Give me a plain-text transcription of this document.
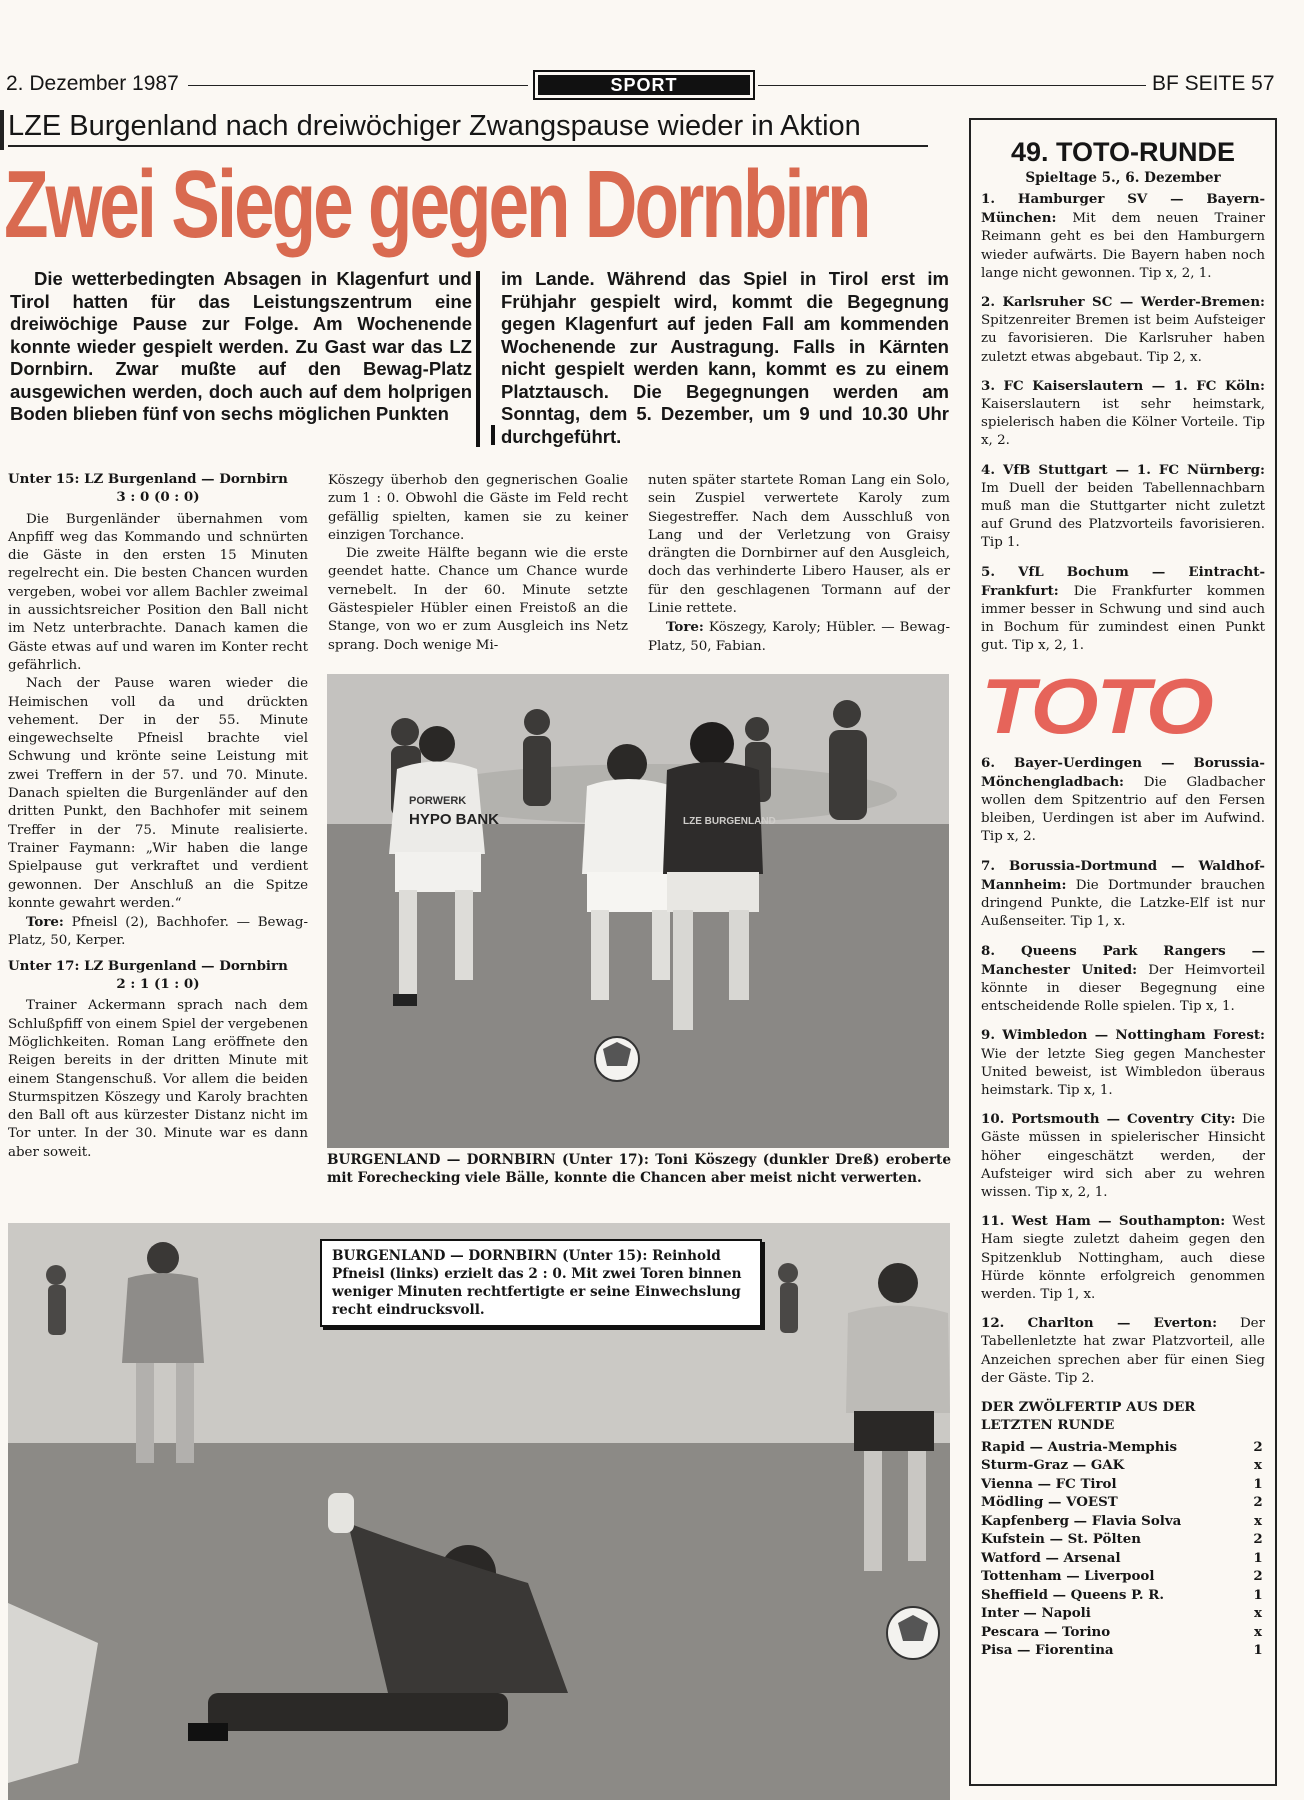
2. Dezember 1987	SPORT	BF SEITE 57
LZE Burgenland nach dreiwöchiger Zwangspause wieder in Aktion
Zwei Siege gegen Dornbirn
Die wetterbedingten Absagen in Klagenfurt und Tirol hatten für das Leistungszentrum eine dreiwöchige Pause zur Folge. Am Wochenende konnte wieder gespielt werden. Zu Gast war das LZ Dornbirn. Zwar mußte auf den Bewag-Platz ausgewichen werden, doch auch auf dem holprigen Boden blieben fünf von sechs möglichen Punkten
im Lande. Während das Spiel in Tirol erst im Frühjahr gespielt wird, kommt die Begegnung gegen Klagenfurt auf jeden Fall am kommenden Wochenende zur Austragung. Falls in Kärnten nicht gespielt werden kann, kommt es zu einem Platztausch. Die Begegnungen werden am Sonntag, dem 5. Dezember, um 9 und 10.30 Uhr durchgeführt.

Unter 15: LZ Burgenland — Dornbirn

3 : 0 (0 : 0)

Die Burgenländer übernahmen vom Anpfiff weg das Kommando und schnürten die Gäste in den ersten 15 Minuten regelrecht ein. Die besten Chancen wurden vergeben, wobei vor allem Bachler zweimal in aussichtsreicher Position den Ball nicht im Netz unterbrachte. Danach kamen die Gäste etwas auf und waren im Konter recht gefährlich.

Nach der Pause waren wieder die Heimischen voll da und drückten vehement. Der in der 55. Minute eingewechselte Pfneisl brachte viel Schwung und krönte seine Leistung mit zwei Treffern in der 57. und 70. Minute. Danach spielten die Burgenländer auf den dritten Punkt, den Bachhofer mit seinem Treffer in der 75. Minute realisierte. Trainer Faymann: „Wir haben die lange Spielpause gut verkraftet und verdient gewonnen. Der Anschluß an die Spitze konnte gewahrt werden.“

Tore: Pfneisl (2), Bachhofer. — Bewag-Platz, 50, Kerper.

Unter 17: LZ Burgenland — Dornbirn

2 : 1 (1 : 0)

Trainer Ackermann sprach nach dem Schlußpfiff von einem Spiel der vergebenen Möglichkeiten. Roman Lang eröffnete den Reigen bereits in der dritten Minute mit einem Stangenschuß. Vor allem die beiden Sturmspitzen Köszegy und Karoly brachten den Ball oft aus kürzester Distanz nicht im Tor unter. In der 30. Minute war es dann aber soweit.

Köszegy überhob den gegnerischen Goalie zum 1 : 0. Obwohl die Gäste im Feld recht gefällig spielten, kamen sie zu keiner einzigen Torchance.

Die zweite Hälfte begann wie die erste geendet hatte. Chance um Chance wurde vernebelt. In der 60. Minute setzte Gästespieler Hübler einen Freistoß an die Stange, von wo er zum Ausgleich ins Netz sprang. Doch wenige Mi-

nuten später startete Roman Lang ein Solo, sein Zuspiel verwertete Karoly zum Siegestreffer. Nach dem Ausschluß von Lang und der Verletzung von Graisy drängten die Dornbirner auf den Ausgleich, doch das verhinderte Libero Hauser, als er für den geschlagenen Tormann auf der Linie rettete.

Tore: Köszegy, Karoly; Hübler. — Bewag-Platz, 50, Fabian.

PORWERK
HYPO BANK	LZE BURGENLAND
BURGENLAND — DORNBIRN (Unter 17): Toni Köszegy (dunkler Dreß) eroberte mit Forechecking viele Bälle, konnte die Chancen aber meist nicht verwerten.
BURGENLAND — DORNBIRN (Unter 15): Reinhold Pfneisl (links) erzielt das 2 : 0. Mit zwei Toren binnen weniger Minuten rechtfertigte er seine Einwechslung recht eindrucksvoll.
49. TOTO-RUNDE
Spieltage 5., 6. Dezember
1. Hamburger SV — Bayern-München: Mit dem neuen Trainer Reimann geht es bei den Hamburgern wieder aufwärts. Die Bayern haben noch lange nicht gewonnen. Tip x, 2, 1.
2. Karlsruher SC — Werder-Bremen: Spitzenreiter Bremen ist beim Aufsteiger zu favorisieren. Die Karlsruher haben zuletzt etwas abgebaut. Tip 2, x.
3. FC Kaiserslautern — 1. FC Köln: Kaiserslautern ist sehr heimstark, spielerisch haben die Kölner Vorteile. Tip x, 2.
4. VfB Stuttgart — 1. FC Nürnberg: Im Duell der beiden Tabellennachbarn muß man die Stuttgarter nicht zuletzt auf Grund des Platzvorteils favorisieren. Tip 1.
5. VfL Bochum — Eintracht-Frankfurt: Die Frankfurter kommen immer besser in Schwung und sind auch in Bochum für zumindest einen Punkt gut. Tip x, 2, 1.
TOTO
6. Bayer-Uerdingen — Borussia-Mönchengladbach: Die Gladbacher wollen dem Spitzentrio auf den Fersen bleiben, Uerdingen ist aber im Aufwind. Tip x, 2.
7. Borussia-Dortmund — Waldhof-Mannheim: Die Dortmunder brauchen dringend Punkte, die Latzke-Elf ist nur Außenseiter. Tip 1, x.
8. Queens Park Rangers — Manchester United: Der Heimvorteil könnte in dieser Begegnung eine entscheidende Rolle spielen. Tip x, 1.
9. Wimbledon — Nottingham Forest: Wie der letzte Sieg gegen Manchester United beweist, ist Wimbledon überaus heimstark. Tip x, 1.
10. Portsmouth — Coventry City: Die Gäste müssen in spielerischer Hinsicht höher eingeschätzt werden, der Aufsteiger wird sich aber zu wehren wissen. Tip x, 2, 1.
11. West Ham — Southampton: West Ham siegte zuletzt daheim gegen den Spitzenklub Nottingham, auch diese Hürde könnte erfolgreich genommen werden. Tip 1, x.
12. Charlton — Everton: Der Tabellenletzte hat zwar Platzvorteil, alle Anzeichen sprechen aber für einen Sieg der Gäste. Tip 2.
DER ZWÖLFERTIP AUS DER LETZTEN RUNDE
Rapid — Austria-Memphis	2
Sturm-Graz — GAK	x
Vienna — FC Tirol	1
Mödling — VOEST	2
Kapfenberg — Flavia Solva	x
Kufstein — St. Pölten	2
Watford — Arsenal	1
Tottenham — Liverpool	2
Sheffield — Queens P. R.	1
Inter — Napoli	x
Pescara — Torino	x
Pisa — Fiorentina	1
